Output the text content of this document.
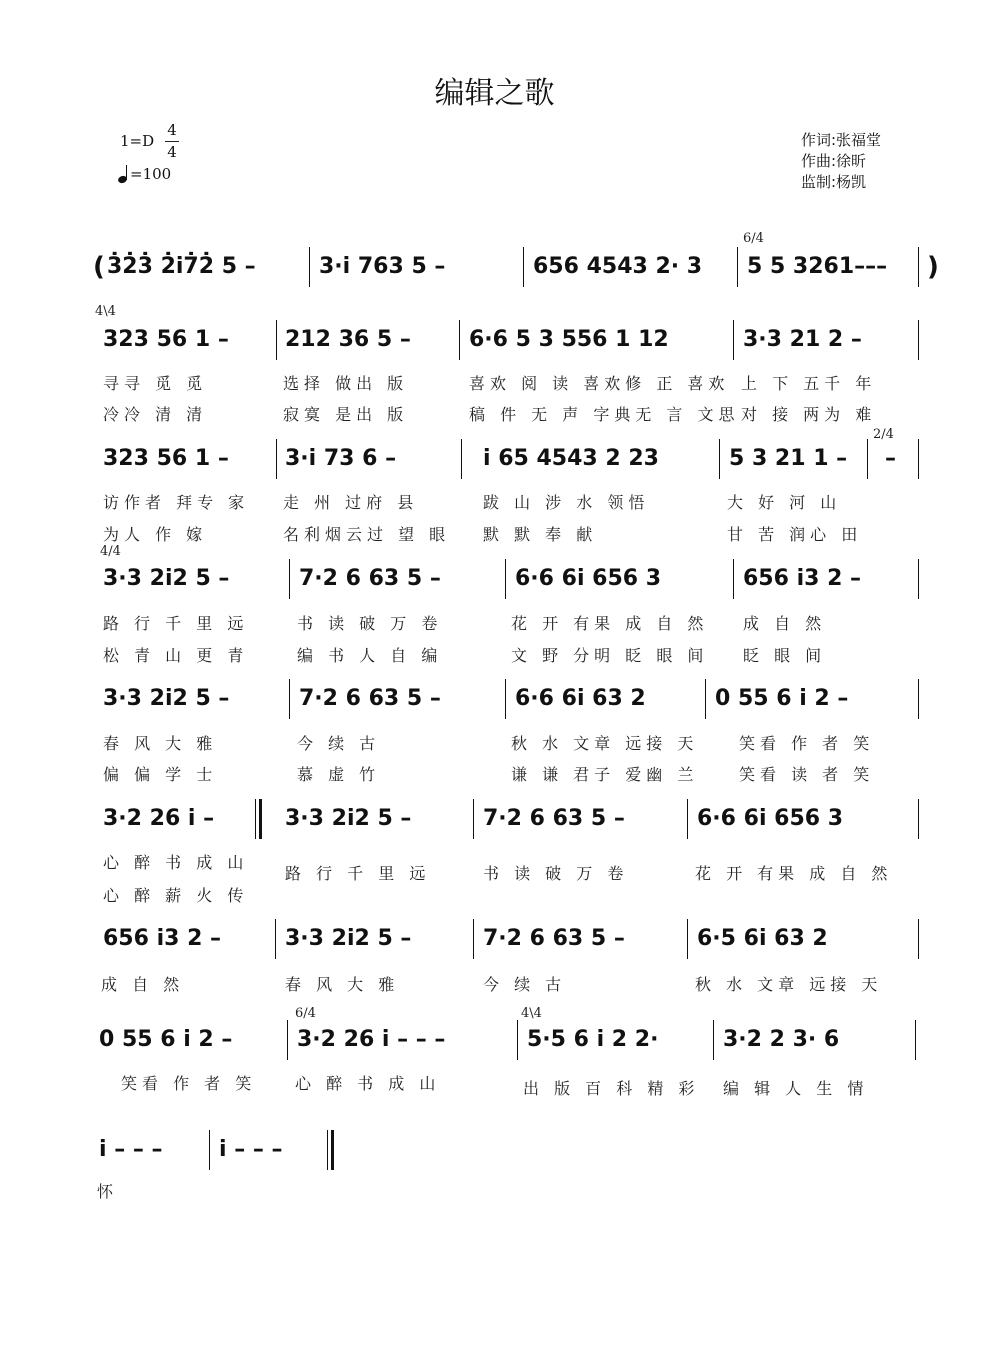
编辑之歌
1=D
4
4
=100
作词:张福堂
作曲:徐昕
监制:杨凯
( 3̇2̇3̇ 2̇i7̇2̇ 5 –	3·i 763 5 –	656 4543 2· 3
6/4
5 5 3261––– )
4\4
323 56 1 –	212 36 5 –	6·6 5 3 556 1 12	3·3 21 2 –
寻寻 觅 觅	选择 做出 版	喜欢 阅 读 喜欢修 正 喜欢 上 下 五千 年
冷冷 清 清	寂寞 是出 版	稿 件 无 声 字典无 言 文思 对 接 两为 难
323 56 1 –	3·i 73 6 –	i 65 4543 2 23	5 3 21 1 –
2/4
–
访作者 拜专 家 走 州 过府 县	跋 山 涉 水 领悟	大 好 河 山
为人 作 嫁	名利烟云过 望 眼 默 默 奉 献	甘 苦 润心 田
4/4
3·3 2i2 5 –	7·2 6 63 5 –	6·6 6i 656 3	656 i3 2 –
路 行 千 里 远	书 读 破 万 卷	花 开 有果 成 自 然 成 自 然
松 青 山 更 青	编 书 人 自 编	文 野 分明 眨 眼 间 眨 眼 间
3·3 2i2 5 –	7·2 6 63 5 –	6·6 6i 63 2	0 55 6 i 2 –
春 风 大 雅	今 续 古	秋 水 文章 远接 天	笑看 作 者 笑
偏 偏 学 士	慕 虚 竹	谦 谦 君子 爱幽 兰	笑看 读 者 笑
3·2 26 i –	3·3 2i2 5 –	7·2 6 63 5 –	6·6 6i 656 3
心 醉 书 成 山
路 行 千 里 远	书 读 破 万 卷	花 开 有果 成 自 然
心 醉 薪 火 传
656 i3 2 –	3·3 2i2 5 –	7·2 6 63 5 –	6·5 6i 63 2
成 自 然	春 风 大 雅	今 续 古	秋 水 文章 远接 天
0 55 6 i 2 –
6/4
3·2 26 i – – –
4\4
5·5 6 i 2 2·	3·2 2 3· 6
笑看 作 者 笑 心 醉 书 成 山	出 版 百 科 精 彩 编 辑 人 生 情
i – – –	i – – –
怀
